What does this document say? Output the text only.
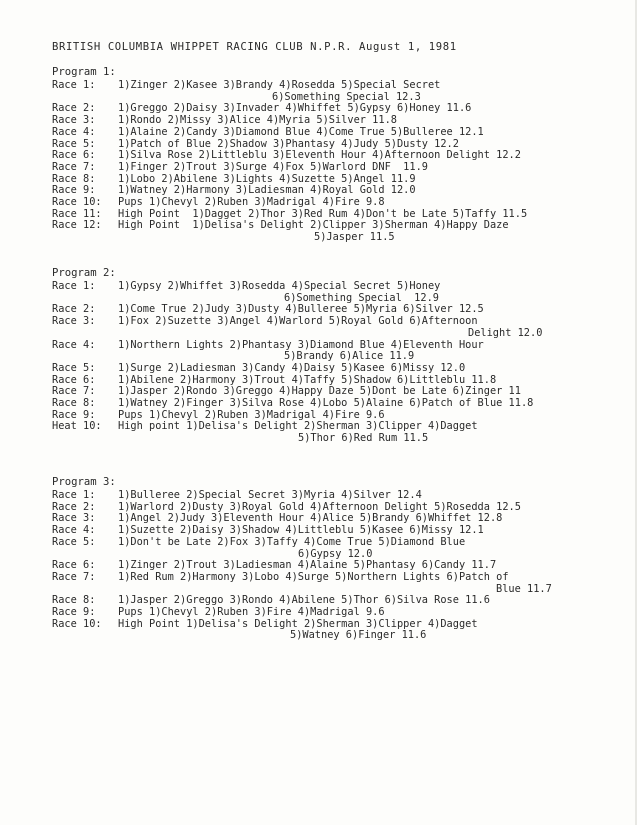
BRITISH COLUMBIA WHIPPET RACING CLUB N.P.R. August 1, 1981
Program 1:
Race 1: 1)Zinger 2)Kasee 3)Brandy 4)Rosedda 5)Special Secret
6)Something Special 12.3
Race 2: 1)Greggo 2)Daisy 3)Invader 4)Whiffet 5)Gypsy 6)Honey 11.6
Race 3: 1)Rondo 2)Missy 3)Alice 4)Myria 5)Silver 11.8
Race 4: 1)Alaine 2)Candy 3)Diamond Blue 4)Come True 5)Bulleree 12.1
Race 5: 1)Patch of Blue 2)Shadow 3)Phantasy 4)Judy 5)Dusty 12.2
Race 6: 1)Silva Rose 2)Littleblu 3)Eleventh Hour 4)Afternoon Delight 12.2
Race 7: 1)Finger 2)Trout 3)Surge 4)Fox 5)Warlord DNF  11.9
Race 8: 1)Lobo 2)Abilene 3)Lights 4)Suzette 5)Angel 11.9
Race 9: 1)Watney 2)Harmony 3)Ladiesman 4)Royal Gold 12.0
Race 10: Pups 1)Chevyl 2)Ruben 3)Madrigal 4)Fire 9.8
Race 11: High Point  1)Dagget 2)Thor 3)Red Rum 4)Don't be Late 5)Taffy 11.5
Race 12: High Point  1)Delisa's Delight 2)Clipper 3)Sherman 4)Happy Daze
5)Jasper 11.5
Program 2:
Race 1: 1)Gypsy 2)Whiffet 3)Rosedda 4)Special Secret 5)Honey
6)Something Special  12.9
Race 2: 1)Come True 2)Judy 3)Dusty 4)Bulleree 5)Myria 6)Silver 12.5
Race 3: 1)Fox 2)Suzette 3)Angel 4)Warlord 5)Royal Gold 6)Afternoon
Delight 12.0
Race 4: 1)Northern Lights 2)Phantasy 3)Diamond Blue 4)Eleventh Hour
5)Brandy 6)Alice 11.9
Race 5: 1)Surge 2)Ladiesman 3)Candy 4)Daisy 5)Kasee 6)Missy 12.0
Race 6: 1)Abilene 2)Harmony 3)Trout 4)Taffy 5)Shadow 6)Littleblu 11.8
Race 7: 1)Jasper 2)Rondo 3)Greggo 4)Happy Daze 5)Dont be Late 6)Zinger 11
Race 8: 1)Watney 2)Finger 3)Silva Rose 4)Lobo 5)Alaine 6)Patch of Blue 11.8
Race 9: Pups 1)Chevyl 2)Ruben 3)Madrigal 4)Fire 9.6
Heat 10: High point 1)Delisa's Delight 2)Sherman 3)Clipper 4)Dagget
5)Thor 6)Red Rum 11.5
Program 3:
Race 1: 1)Bulleree 2)Special Secret 3)Myria 4)Silver 12.4
Race 2: 1)Warlord 2)Dusty 3)Royal Gold 4)Afternoon Delight 5)Rosedda 12.5
Race 3: 1)Angel 2)Judy 3)Eleventh Hour 4)Alice 5)Brandy 6)Whiffet 12.8
Race 4: 1)Suzette 2)Daisy 3)Shadow 4)Littleblu 5)Kasee 6)Missy 12.1
Race 5: 1)Don't be Late 2)Fox 3)Taffy 4)Come True 5)Diamond Blue
6)Gypsy 12.0
Race 6: 1)Zinger 2)Trout 3)Ladiesman 4)Alaine 5)Phantasy 6)Candy 11.7
Race 7: 1)Red Rum 2)Harmony 3)Lobo 4)Surge 5)Northern Lights 6)Patch of
Blue 11.7
Race 8: 1)Jasper 2)Greggo 3)Rondo 4)Abilene 5)Thor 6)Silva Rose 11.6
Race 9: Pups 1)Chevyl 2)Ruben 3)Fire 4)Madrigal 9.6
Race 10: High Point 1)Delisa's Delight 2)Sherman 3)Clipper 4)Dagget
5)Watney 6)Finger 11.6
